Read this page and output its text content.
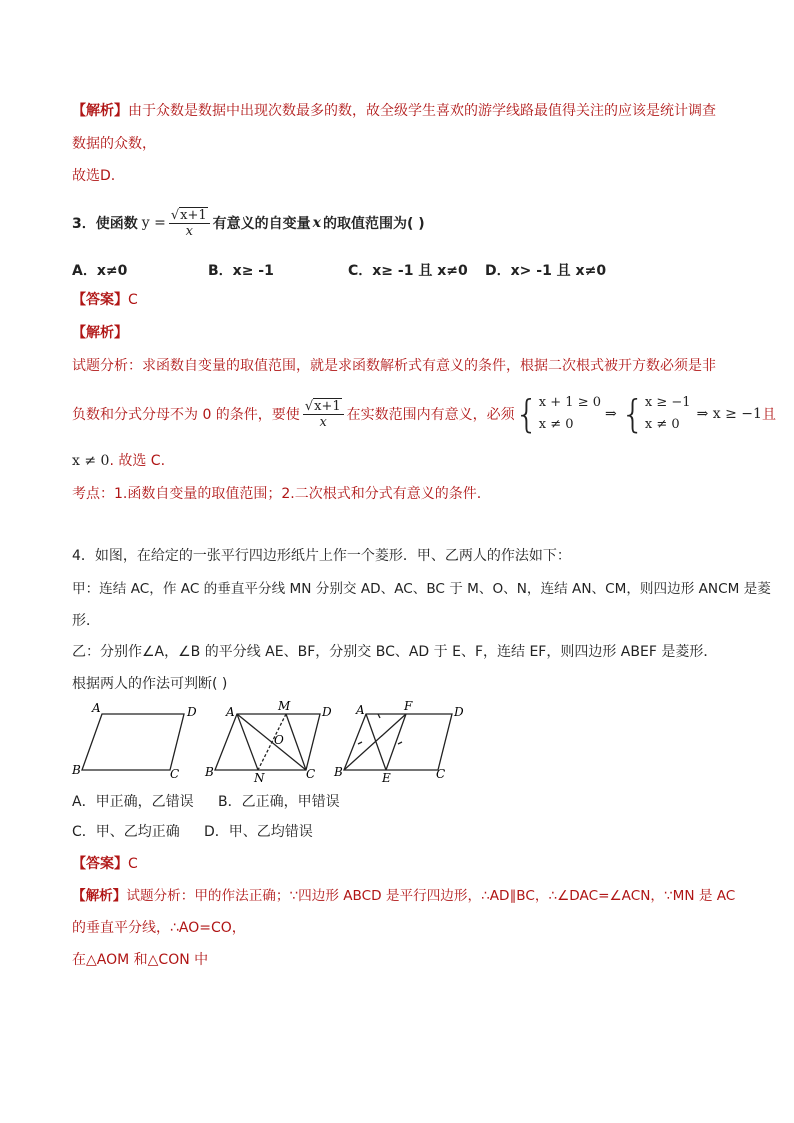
【解析】由于众数是数据中出现次数最多的数，故全级学生喜欢的游学线路最值得关注的应该是统计调查
数据的众数，
故选D.
3．使函数 $y = \frac{√x+1}{x}$ 有意义的自变量 x 的取值范围为( )
A．x≠0	B．x≥ -1	C．x≥ -1 且 x≠0 D．x> -1 且 x≠0
【答案】C
【解析】
试题分析：求函数自变量的取值范围，就是求函数解析式有意义的条件，根据二次根式被开方数必须是非
负数和分式分母不为 0 的条件，要使 $\frac{√x+1}{x}$ 在实数范围内有意义，必须 { x + 1 ≥ 0
x ≠ 0
⇒ { x ≥ −1
x ≠ 0
⇒ x ≥ −1 且
x ≠ 0. 故选 C.
考点：1.函数自变量的取值范围；2.二次根式和分式有意义的条件.
4．如图，在给定的一张平行四边形纸片上作一个菱形．甲、乙两人的作法如下：
甲：连结 AC，作 AC 的垂直平分线 MN 分别交 AD、AC、BC 于 M、O、N，连结 AN、CM，则四边形 ANCM 是菱
形．
乙：分别作∠A，∠B 的平分线 AE、BF，分别交 BC、AD 于 E、F，连结 EF，则四边形 ABEF 是菱形．
根据两人的作法可判断( )
A	D
B	C
A	M	D
O
B	N	C
A	F	D
B	E	C
A．甲正确，乙错误 B．乙正确，甲错误
C．甲、乙均正确 D．甲、乙均错误
【答案】C
【解析】试题分析：甲的作法正确；∵四边形 ABCD 是平行四边形，∴AD∥BC，∴∠DAC=∠ACN，∵MN 是 AC
的垂直平分线，∴AO=CO，
在△AOM 和△CON 中
